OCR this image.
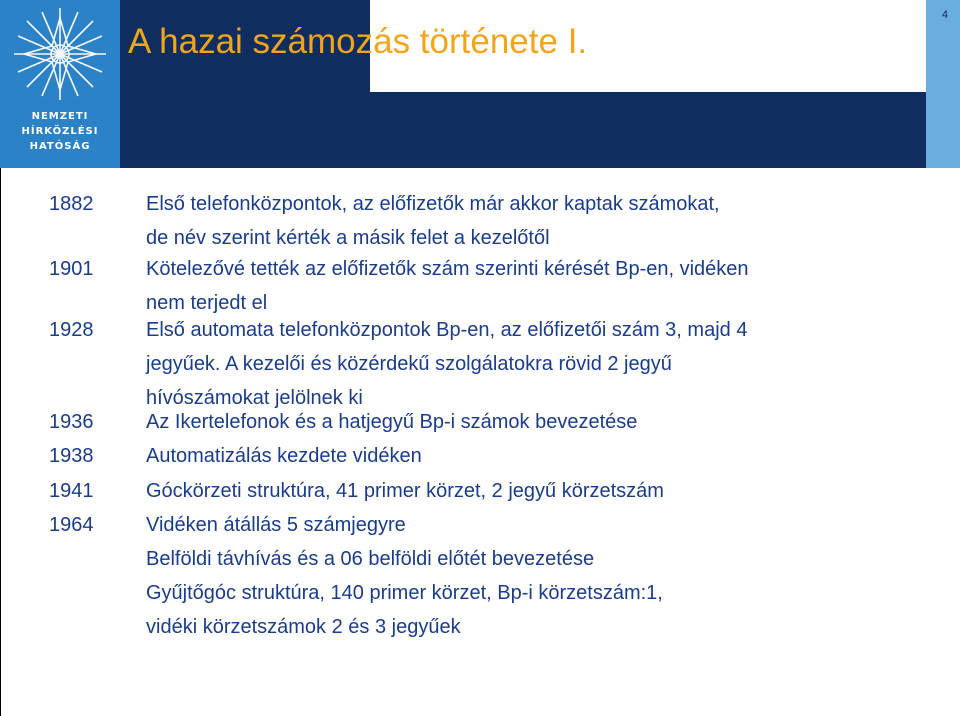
NEMZETI
HÍRKÖZLÉSI
HATÓSÁG
A hazai számozás története I.
4
1882	Első telefonközpontok, az előfizetők már akkor kaptak számokat,
de név szerint kérték a másik felet a kezelőtől
1901	Kötelezővé tették az előfizetők szám szerinti kérését Bp-en, vidéken
nem terjedt el
1928	Első automata telefonközpontok Bp-en, az előfizetői szám 3, majd 4
jegyűek. A kezelői és közérdekű szolgálatokra rövid 2 jegyű
hívószámokat jelölnek ki
1936	Az Ikertelefonok és a hatjegyű Bp-i számok bevezetése
1938	Automatizálás kezdete vidéken
1941	Góckörzeti struktúra, 41 primer körzet, 2 jegyű körzetszám
1964	Vidéken átállás 5 számjegyre
Belföldi távhívás és a 06 belföldi előtét bevezetése
Gyűjtőgóc struktúra, 140 primer körzet, Bp-i körzetszám:1,
vidéki körzetszámok 2 és 3 jegyűek
